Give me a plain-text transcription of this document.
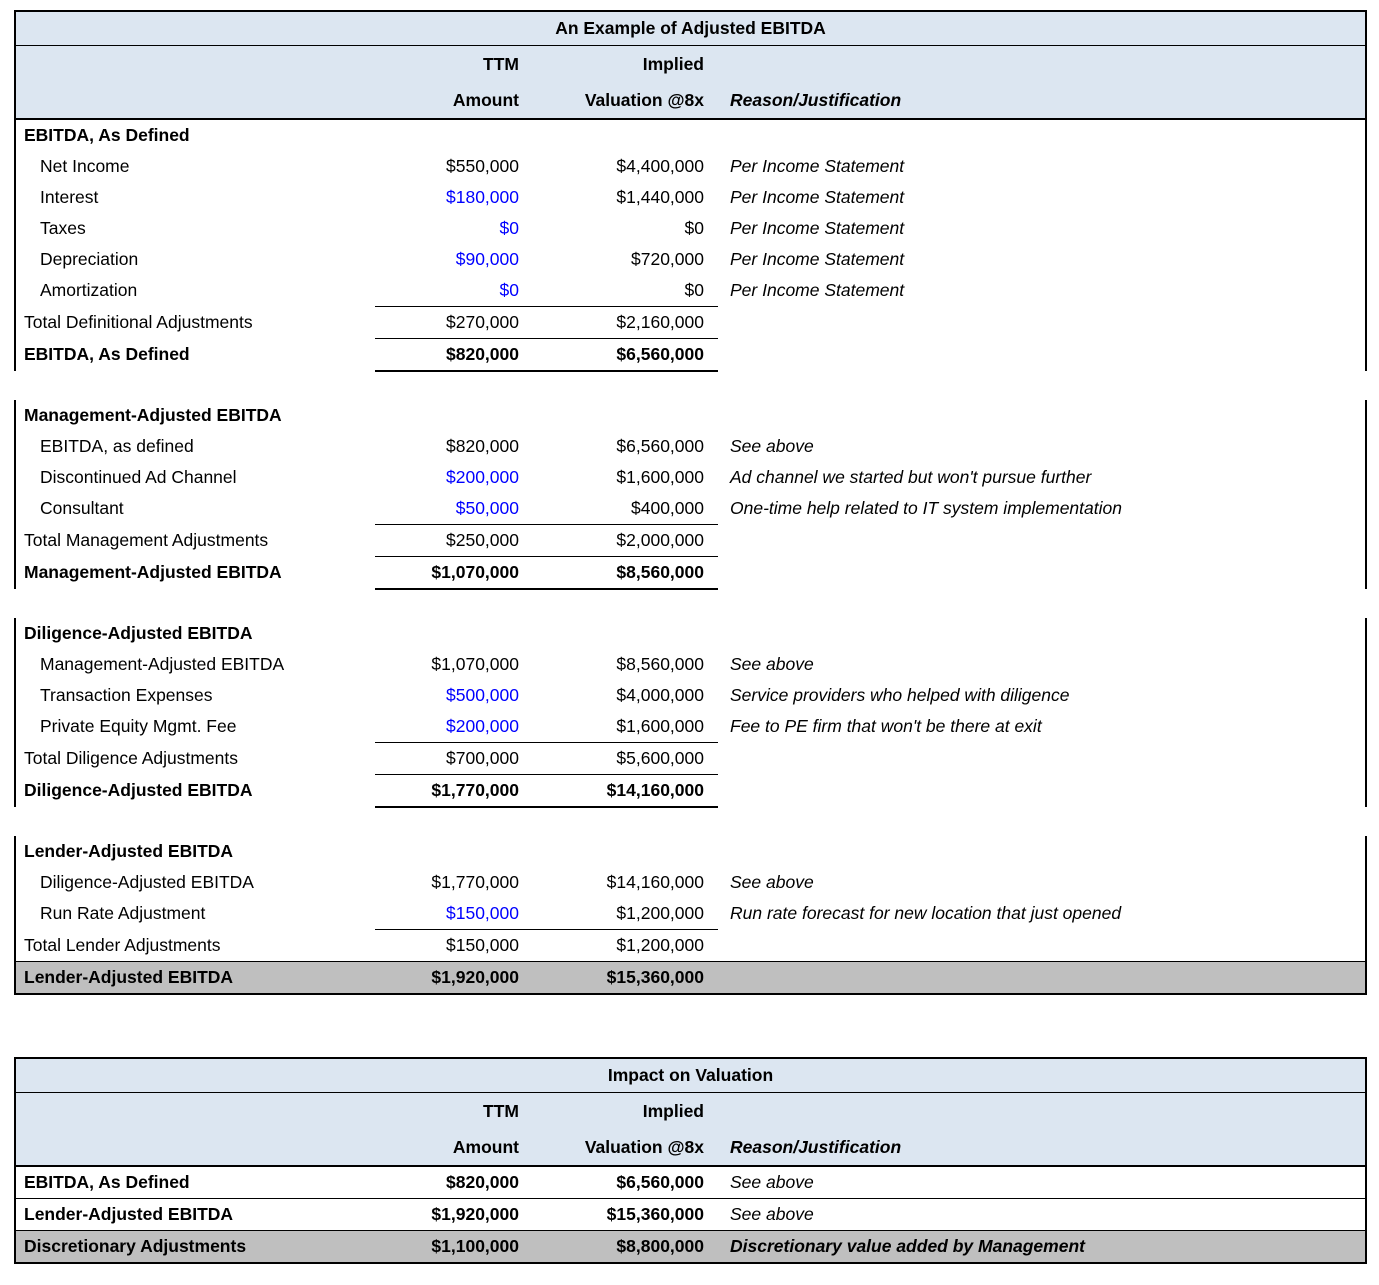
An Example of Adjusted EBITDA			
	TTM	Implied	
	Amount	Valuation @8x	Reason/Justification
EBITDA, As Defined			
Net Income	$550,000	$4,400,000	Per Income Statement
Interest	$180,000	$1,440,000	Per Income Statement
Taxes	$0	$0	Per Income Statement
Depreciation	$90,000	$720,000	Per Income Statement
Amortization	$0	$0	Per Income Statement
Total Definitional Adjustments	$270,000	$2,160,000	
EBITDA, As Defined	$820,000	$6,560,000	

Management-Adjusted EBITDA			
EBITDA, as defined	$820,000	$6,560,000	See above
Discontinued Ad Channel	$200,000	$1,600,000	Ad channel we started but won't pursue further
Consultant	$50,000	$400,000	One-time help related to IT system implementation
Total Management Adjustments	$250,000	$2,000,000	
Management-Adjusted EBITDA	$1,070,000	$8,560,000	

Diligence-Adjusted EBITDA			
Management-Adjusted EBITDA	$1,070,000	$8,560,000	See above
Transaction Expenses	$500,000	$4,000,000	Service providers who helped with diligence
Private Equity Mgmt. Fee	$200,000	$1,600,000	Fee to PE firm that won't be there at exit
Total Diligence Adjustments	$700,000	$5,600,000	
Diligence-Adjusted EBITDA	$1,770,000	$14,160,000	

Lender-Adjusted EBITDA			
Diligence-Adjusted EBITDA	$1,770,000	$14,160,000	See above
Run Rate Adjustment	$150,000	$1,200,000	Run rate forecast for new location that just opened
Total Lender Adjustments	$150,000	$1,200,000	
Lender-Adjusted EBITDA	$1,920,000	$15,360,000	
Impact on Valuation			
	TTM	Implied	
	Amount	Valuation @8x	Reason/Justification
EBITDA, As Defined	$820,000	$6,560,000	See above
Lender-Adjusted EBITDA	$1,920,000	$15,360,000	See above
Discretionary Adjustments	$1,100,000	$8,800,000	Discretionary value added by Management
